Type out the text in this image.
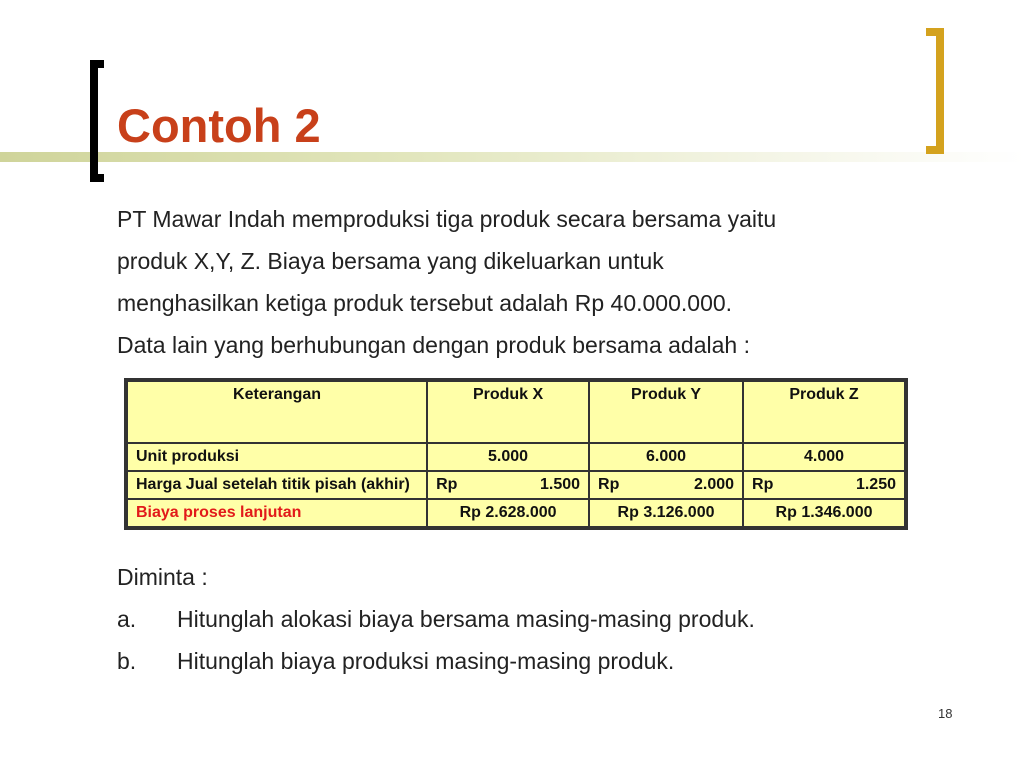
Contoh 2

PT Mawar Indah memproduksi tiga produk secara bersama yaitu

produk X,Y, Z. Biaya bersama yang dikeluarkan untuk

menghasilkan ketiga produk tersebut adalah Rp 40.000.000.

Data lain yang berhubungan dengan produk bersama adalah :

Diminta :

a.	Hitunglah alokasi biaya bersama masing-masing produk.

b.	Hitunglah biaya produksi masing-masing produk.

Keterangan	Produk X	Produk Y	Produk Z
Unit produksi	5.000	6.000	4.000
Harga Jual setelah titik pisah (akhir)	Rp 1.500	Rp 2.000	Rp 1.250

Biaya proses lanjutan	Rp 2.628.000	Rp 3.126.000	Rp 1.346.000
18
